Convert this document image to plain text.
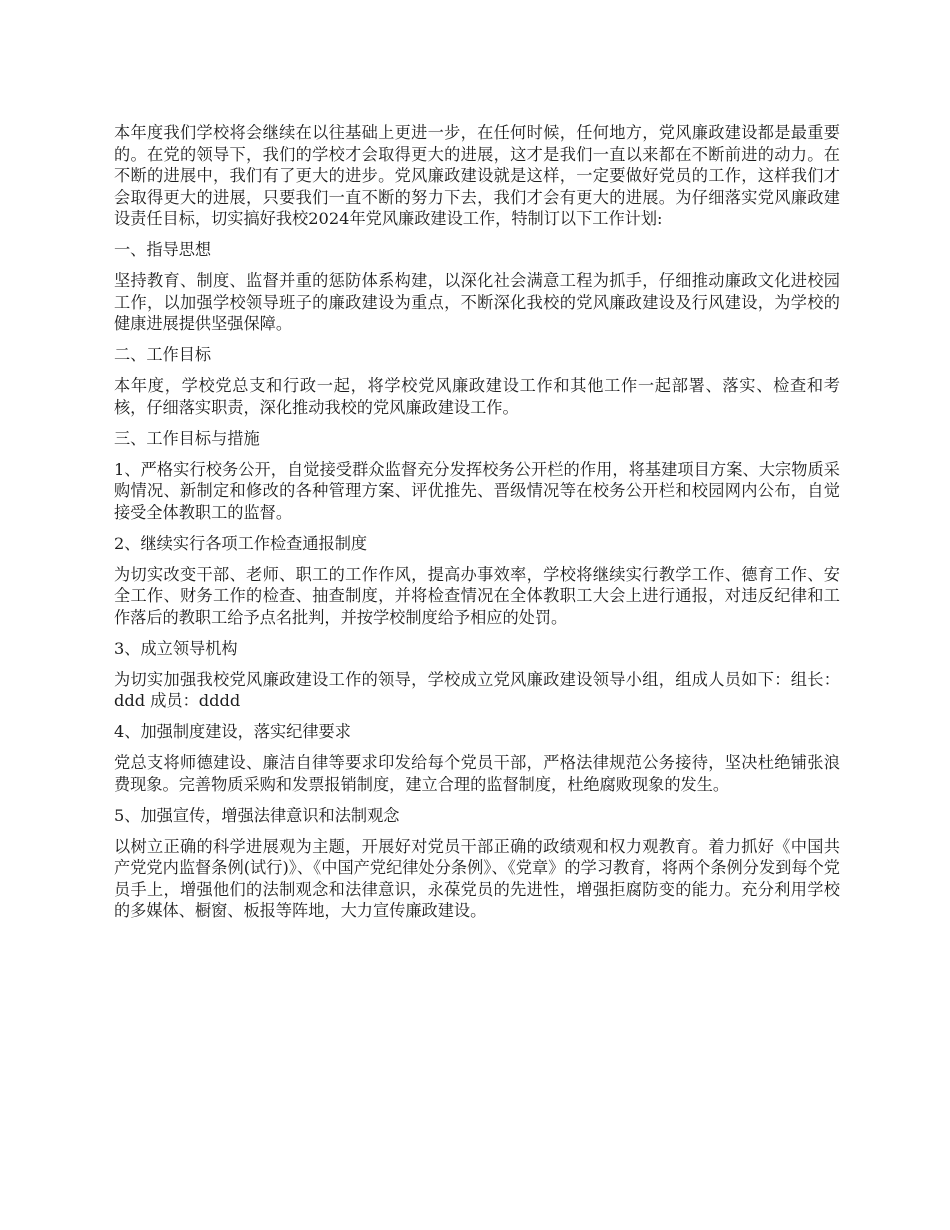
本年度我们学校将会继续在以往基础上更进一步，在任何时候，任何地方，党风廉政建设都是最重要的。在党的领导下，我们的学校才会取得更大的进展，这才是我们一直以来都在不断前进的动力。在不断的进展中，我们有了更大的进步。党风廉政建设就是这样，一定要做好党员的工作，这样我们才会取得更大的进展，只要我们一直不断的努力下去，我们才会有更大的进展。为仔细落实党风廉政建设责任目标，切实搞好我校2024年党风廉政建设工作，特制订以下工作计划:

一、指导思想

坚持教育、制度、监督并重的惩防体系构建，以深化社会满意工程为抓手，仔细推动廉政文化进校园工作，以加强学校领导班子的廉政建设为重点，不断深化我校的党风廉政建设及行风建设，为学校的健康进展提供坚强保障。

二、工作目标

本年度，学校党总支和行政一起，将学校党风廉政建设工作和其他工作一起部署、落实、检查和考核，仔细落实职责，深化推动我校的党风廉政建设工作。

三、工作目标与措施

1、严格实行校务公开，自觉接受群众监督充分发挥校务公开栏的作用，将基建项目方案、大宗物质采购情况、新制定和修改的各种管理方案、评优推先、晋级情况等在校务公开栏和校园网内公布，自觉接受全体教职工的监督。

2、继续实行各项工作检查通报制度

为切实改变干部、老师、职工的工作作风，提高办事效率，学校将继续实行教学工作、德育工作、安全工作、财务工作的检查、抽查制度，并将检查情况在全体教职工大会上进行通报，对违反纪律和工作落后的教职工给予点名批判，并按学校制度给予相应的处罚。

3、成立领导机构

为切实加强我校党风廉政建设工作的领导，学校成立党风廉政建设领导小组，组成人员如下：组长：ddd 成员：dddd

4、加强制度建设，落实纪律要求

党总支将师德建设、廉洁自律等要求印发给每个党员干部，严格法律规范公务接待，坚决杜绝铺张浪费现象。完善物质采购和发票报销制度，建立合理的监督制度，杜绝腐败现象的发生。

5、加强宣传，增强法律意识和法制观念

以树立正确的科学进展观为主题，开展好对党员干部正确的政绩观和权力观教育。着力抓好《中国共产党党内监督条例(试行)》、《中国产党纪律处分条例》、《党章》的学习教育，将两个条例分发到每个党员手上，增强他们的法制观念和法律意识，永葆党员的先进性，增强拒腐防变的能力。充分利用学校的多媒体、橱窗、板报等阵地，大力宣传廉政建设。
